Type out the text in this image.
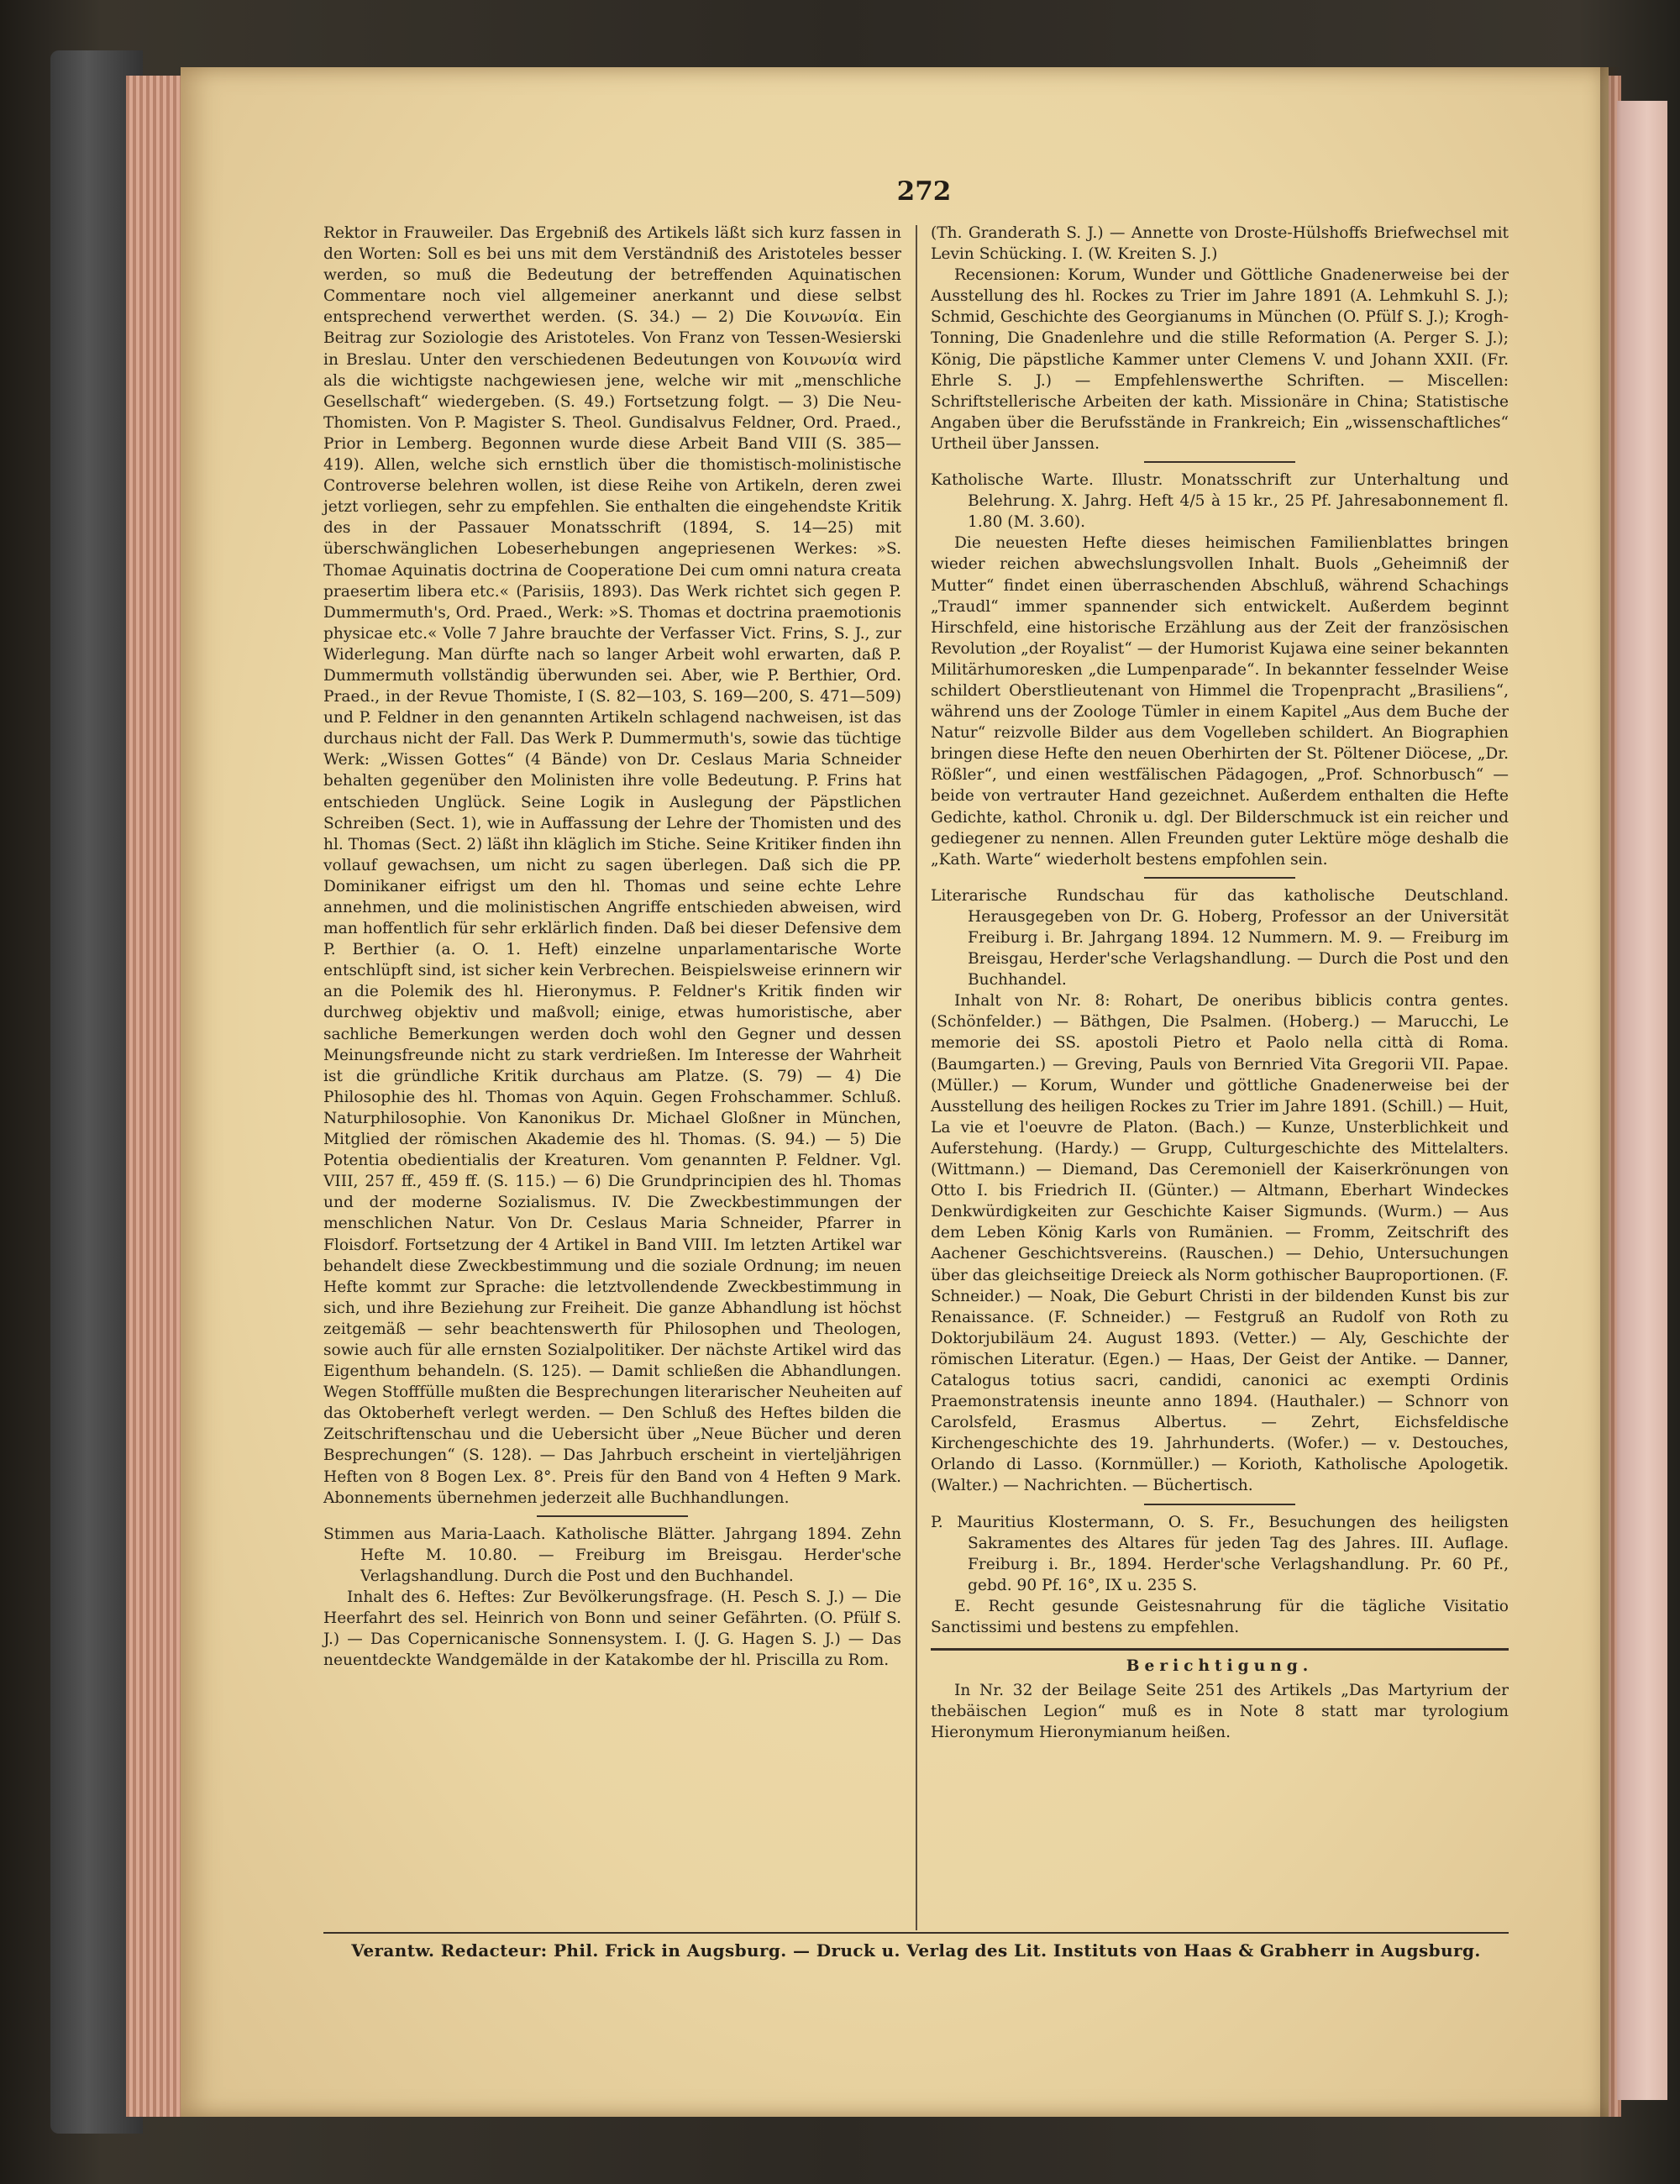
272

Rektor in Frauweiler. Das Ergebniß des Artikels läßt sich kurz fassen in den Worten: Soll es bei uns mit dem Verständniß des Aristoteles besser werden, so muß die Bedeutung der betreffenden Aquinatischen Commentare noch viel allgemeiner anerkannt und diese selbst entsprechend verwerthet werden. (S. 34.) — 2) Die Κοινωνία. Ein Beitrag zur Soziologie des Aristoteles. Von Franz von Tessen-Wesierski in Breslau. Unter den verschiedenen Bedeutungen von Κοινωνία wird als die wichtigste nachgewiesen jene, welche wir mit „menschliche Gesellschaft“ wiedergeben. (S. 49.) Fortsetzung folgt. — 3) Die Neu-Thomisten. Von P. Magister S. Theol. Gundisalvus Feldner, Ord. Praed., Prior in Lemberg. Begonnen wurde diese Arbeit Band VIII (S. 385—419). Allen, welche sich ernstlich über die thomistisch-molinistische Controverse belehren wollen, ist diese Reihe von Artikeln, deren zwei jetzt vorliegen, sehr zu empfehlen. Sie enthalten die eingehendste Kritik des in der Passauer Monatsschrift (1894, S. 14—25) mit überschwänglichen Lobeserhebungen angepriesenen Werkes: »S. Thomae Aquinatis doctrina de Cooperatione Dei cum omni natura creata praesertim libera etc.« (Parisiis, 1893). Das Werk richtet sich gegen P. Dummermuth's, Ord. Praed., Werk: »S. Thomas et doctrina praemotionis physicae etc.« Volle 7 Jahre brauchte der Verfasser Vict. Frins, S. J., zur Widerlegung. Man dürfte nach so langer Arbeit wohl erwarten, daß P. Dummermuth vollständig überwunden sei. Aber, wie P. Berthier, Ord. Praed., in der Revue Thomiste, I (S. 82—103, S. 169—200, S. 471—509) und P. Feldner in den genannten Artikeln schlagend nachweisen, ist das durchaus nicht der Fall. Das Werk P. Dummermuth's, sowie das tüchtige Werk: „Wissen Gottes“ (4 Bände) von Dr. Ceslaus Maria Schneider behalten gegenüber den Molinisten ihre volle Bedeutung. P. Frins hat entschieden Unglück. Seine Logik in Auslegung der Päpstlichen Schreiben (Sect. 1), wie in Auffassung der Lehre der Thomisten und des hl. Thomas (Sect. 2) läßt ihn kläglich im Stiche. Seine Kritiker finden ihn vollauf gewachsen, um nicht zu sagen überlegen. Daß sich die PP. Dominikaner eifrigst um den hl. Thomas und seine echte Lehre annehmen, und die molinistischen Angriffe entschieden abweisen, wird man hoffentlich für sehr erklärlich finden. Daß bei dieser Defensive dem P. Berthier (a. O. 1. Heft) einzelne unparlamentarische Worte entschlüpft sind, ist sicher kein Verbrechen. Beispielsweise erinnern wir an die Polemik des hl. Hieronymus. P. Feldner's Kritik finden wir durchweg objektiv und maßvoll; einige, etwas humoristische, aber sachliche Bemerkungen werden doch wohl den Gegner und dessen Meinungsfreunde nicht zu stark verdrießen. Im Interesse der Wahrheit ist die gründliche Kritik durchaus am Platze. (S. 79) — 4) Die Philosophie des hl. Thomas von Aquin. Gegen Frohschammer. Schluß. Naturphilosophie. Von Kanonikus Dr. Michael Gloßner in München, Mitglied der römischen Akademie des hl. Thomas. (S. 94.) — 5) Die Potentia obedientialis der Kreaturen. Vom genannten P. Feldner. Vgl. VIII, 257 ff., 459 ff. (S. 115.) — 6) Die Grundprincipien des hl. Thomas und der moderne Sozialismus. IV. Die Zweckbestimmungen der menschlichen Natur. Von Dr. Ceslaus Maria Schneider, Pfarrer in Floisdorf. Fortsetzung der 4 Artikel in Band VIII. Im letzten Artikel war behandelt diese Zweckbestimmung und die soziale Ordnung; im neuen Hefte kommt zur Sprache: die letztvollendende Zweckbestimmung in sich, und ihre Beziehung zur Freiheit. Die ganze Abhandlung ist höchst zeitgemäß — sehr beachtenswerth für Philosophen und Theologen, sowie auch für alle ernsten Sozialpolitiker. Der nächste Artikel wird das Eigenthum behandeln. (S. 125). — Damit schließen die Abhandlungen. Wegen Stofffülle mußten die Besprechungen literarischer Neuheiten auf das Oktoberheft verlegt werden. — Den Schluß des Heftes bilden die Zeitschriftenschau und die Uebersicht über „Neue Bücher und deren Besprechungen“ (S. 128). — Das Jahrbuch erscheint in vierteljährigen Heften von 8 Bogen Lex. 8°. Preis für den Band von 4 Heften 9 Mark. Abonnements übernehmen jederzeit alle Buchhandlungen.

Stimmen aus Maria-Laach. Katholische Blätter. Jahrgang 1894. Zehn Hefte M. 10.80. — Freiburg im Breisgau. Herder'sche Verlagshandlung. Durch die Post und den Buchhandel.

Inhalt des 6. Heftes: Zur Bevölkerungsfrage. (H. Pesch S. J.) — Die Heerfahrt des sel. Heinrich von Bonn und seiner Gefährten. (O. Pfülf S. J.) — Das Copernicanische Sonnensystem. I. (J. G. Hagen S. J.) — Das neuentdeckte Wandgemälde in der Katakombe der hl. Priscilla zu Rom.

(Th. Granderath S. J.) — Annette von Droste-Hülshoffs Briefwechsel mit Levin Schücking. I. (W. Kreiten S. J.)

Recensionen: Korum, Wunder und Göttliche Gnadenerweise bei der Ausstellung des hl. Rockes zu Trier im Jahre 1891 (A. Lehmkuhl S. J.); Schmid, Geschichte des Georgianums in München (O. Pfülf S. J.); Krogh-Tonning, Die Gnadenlehre und die stille Reformation (A. Perger S. J.); König, Die päpstliche Kammer unter Clemens V. und Johann XXII. (Fr. Ehrle S. J.) — Empfehlenswerthe Schriften. — Miscellen: Schriftstellerische Arbeiten der kath. Missionäre in China; Statistische Angaben über die Berufsstände in Frankreich; Ein „wissenschaftliches“ Urtheil über Janssen.

Katholische Warte. Illustr. Monatsschrift zur Unterhaltung und Belehrung. X. Jahrg. Heft 4/5 à 15 kr., 25 Pf. Jahresabonnement fl. 1.80 (M. 3.60).

Die neuesten Hefte dieses heimischen Familienblattes bringen wieder reichen abwechslungsvollen Inhalt. Buols „Geheimniß der Mutter“ findet einen überraschenden Abschluß, während Schachings „Traudl“ immer spannender sich entwickelt. Außerdem beginnt Hirschfeld, eine historische Erzählung aus der Zeit der französischen Revolution „der Royalist“ — der Humorist Kujawa eine seiner bekannten Militärhumoresken „die Lumpenparade“. In bekannter fesselnder Weise schildert Oberstlieutenant von Himmel die Tropenpracht „Brasiliens“, während uns der Zoologe Tümler in einem Kapitel „Aus dem Buche der Natur“ reizvolle Bilder aus dem Vogelleben schildert. An Biographien bringen diese Hefte den neuen Oberhirten der St. Pöltener Diöcese, „Dr. Rößler“, und einen westfälischen Pädagogen, „Prof. Schnorbusch“ — beide von vertrauter Hand gezeichnet. Außerdem enthalten die Hefte Gedichte, kathol. Chronik u. dgl. Der Bilderschmuck ist ein reicher und gediegener zu nennen. Allen Freunden guter Lektüre möge deshalb die „Kath. Warte“ wiederholt bestens empfohlen sein.

Literarische Rundschau für das katholische Deutschland. Herausgegeben von Dr. G. Hoberg, Professor an der Universität Freiburg i. Br. Jahrgang 1894. 12 Nummern. M. 9. — Freiburg im Breisgau, Herder'sche Verlagshandlung. — Durch die Post und den Buchhandel.

Inhalt von Nr. 8: Rohart, De oneribus biblicis contra gentes. (Schönfelder.) — Bäthgen, Die Psalmen. (Hoberg.) — Marucchi, Le memorie dei SS. apostoli Pietro et Paolo nella città di Roma. (Baumgarten.) — Greving, Pauls von Bernried Vita Gregorii VII. Papae. (Müller.) — Korum, Wunder und göttliche Gnadenerweise bei der Ausstellung des heiligen Rockes zu Trier im Jahre 1891. (Schill.) — Huit, La vie et l'oeuvre de Platon. (Bach.) — Kunze, Unsterblichkeit und Auferstehung. (Hardy.) — Grupp, Culturgeschichte des Mittelalters. (Wittmann.) — Diemand, Das Ceremoniell der Kaiserkrönungen von Otto I. bis Friedrich II. (Günter.) — Altmann, Eberhart Windeckes Denkwürdigkeiten zur Geschichte Kaiser Sigmunds. (Wurm.) — Aus dem Leben König Karls von Rumänien. — Fromm, Zeitschrift des Aachener Geschichtsvereins. (Rauschen.) — Dehio, Untersuchungen über das gleichseitige Dreieck als Norm gothischer Bauproportionen. (F. Schneider.) — Noak, Die Geburt Christi in der bildenden Kunst bis zur Renaissance. (F. Schneider.) — Festgruß an Rudolf von Roth zu Doktorjubiläum 24. August 1893. (Vetter.) — Aly, Geschichte der römischen Literatur. (Egen.) — Haas, Der Geist der Antike. — Danner, Catalogus totius sacri, candidi, canonici ac exempti Ordinis Praemonstratensis ineunte anno 1894. (Hauthaler.) — Schnorr von Carolsfeld, Erasmus Albertus. — Zehrt, Eichsfeldische Kirchengeschichte des 19. Jahrhunderts. (Wofer.) — v. Destouches, Orlando di Lasso. (Kornmüller.) — Korioth, Katholische Apologetik. (Walter.) — Nachrichten. — Büchertisch.

P. Mauritius Klostermann, O. S. Fr., Besuchungen des heiligsten Sakramentes des Altares für jeden Tag des Jahres. III. Auflage. Freiburg i. Br., 1894. Herder'sche Verlagshandlung. Pr. 60 Pf., gebd. 90 Pf. 16°, IX u. 235 S.

E. Recht gesunde Geistesnahrung für die tägliche Visitatio Sanctissimi und bestens zu empfehlen.

Berichtigung.

In Nr. 32 der Beilage Seite 251 des Artikels „Das Martyrium der thebäischen Legion“ muß es in Note 8 statt mar tyrologium Hieronymum Hieronymianum heißen.

Verantw. Redacteur: Phil. Frick in Augsburg. — Druck u. Verlag des Lit. Instituts von Haas & Grabherr in Augsburg.
